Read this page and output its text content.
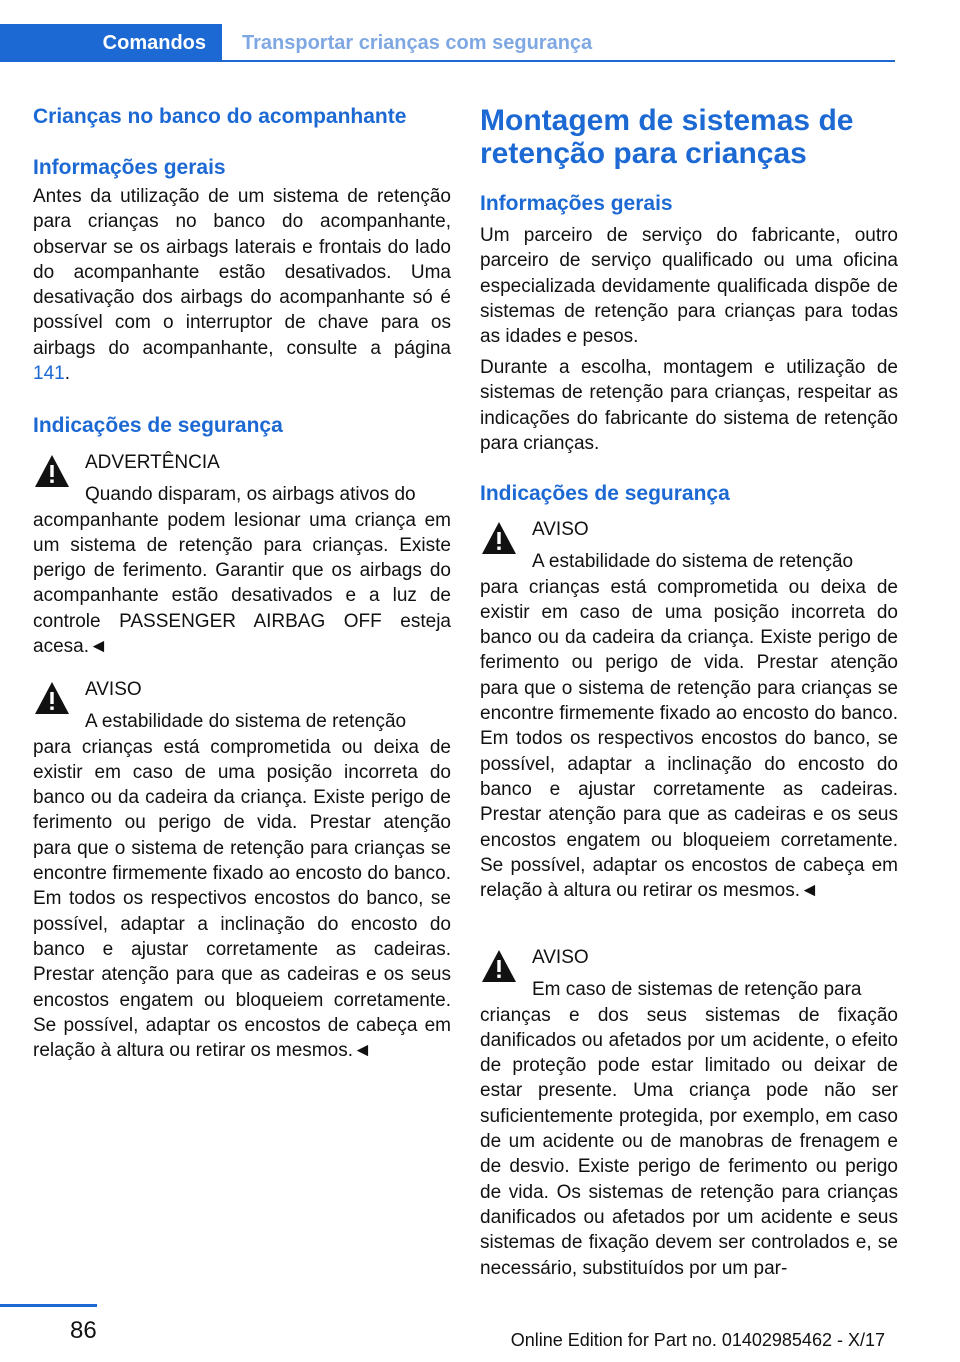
Comandos	Transportar crianças com segurança
Crianças no banco do acompanhante
Informações gerais

Antes da utilização de um sistema de retenção para crianças no banco do acompanhante, observar se os airbags laterais e frontais do lado do acompanhante estão desativados. Uma desativação dos airbags do acompanhante só é possível com o interruptor de chave para os airbags do acompanhante, consulte a página 141.

Indicações de segurança
ADVERTÊNCIA
Quando disparam, os airbags ativos do

acompanhante podem lesionar uma criança em um sistema de retenção para crianças. Existe perigo de ferimento. Garantir que os airbags do acompanhante estão desativados e a luz de controle PASSENGER AIRBAG OFF esteja acesa.◄

AVISO
A estabilidade do sistema de retenção

para crianças está comprometida ou deixa de existir em caso de uma posição incorreta do banco ou da cadeira da criança. Existe perigo de ferimento ou perigo de vida. Prestar atenção para que o sistema de retenção para crianças se encontre firmemente fixado ao encosto do banco. Em todos os respectivos encostos do banco, se possível, adaptar a inclinação do encosto do banco e ajustar corretamente as cadeiras. Prestar atenção para que as cadeiras e os seus encostos engatem ou bloqueiem corretamente. Se possível, adaptar os encostos de cabeça em relação à altura ou retirar os mesmos.◄

Montagem de sistemas de retenção para crianças
Informações gerais

Um parceiro de serviço do fabricante, outro parceiro de serviço qualificado ou uma oficina especializada devidamente qualificada dispõe de sistemas de retenção para crianças para todas as idades e pesos.

Durante a escolha, montagem e utilização de sistemas de retenção para crianças, respeitar as indicações do fabricante do sistema de retenção para crianças.

Indicações de segurança
AVISO
A estabilidade do sistema de retenção

para crianças está comprometida ou deixa de existir em caso de uma posição incorreta do banco ou da cadeira da criança. Existe perigo de ferimento ou perigo de vida. Prestar atenção para que o sistema de retenção para crianças se encontre firmemente fixado ao encosto do banco. Em todos os respectivos encostos do banco, se possível, adaptar a inclinação do encosto do banco e ajustar corretamente as cadeiras. Prestar atenção para que as cadeiras e os seus encostos engatem ou bloqueiem corretamente. Se possível, adaptar os encostos de cabeça em relação à altura ou retirar os mesmos.◄

AVISO
Em caso de sistemas de retenção para

crianças e dos seus sistemas de fixação danificados ou afetados por um acidente, o efeito de proteção pode estar limitado ou deixar de estar presente. Uma criança pode não ser suficientemente protegida, por exemplo, em caso de um acidente ou de manobras de frenagem e de desvio. Existe perigo de ferimento ou perigo de vida. Os sistemas de retenção para crianças danificados ou afetados por um acidente e seus sistemas de fixação devem ser controlados e, se necessário, substituídos por um par-

86	Online Edition for Part no. 01402985462 - X/17
